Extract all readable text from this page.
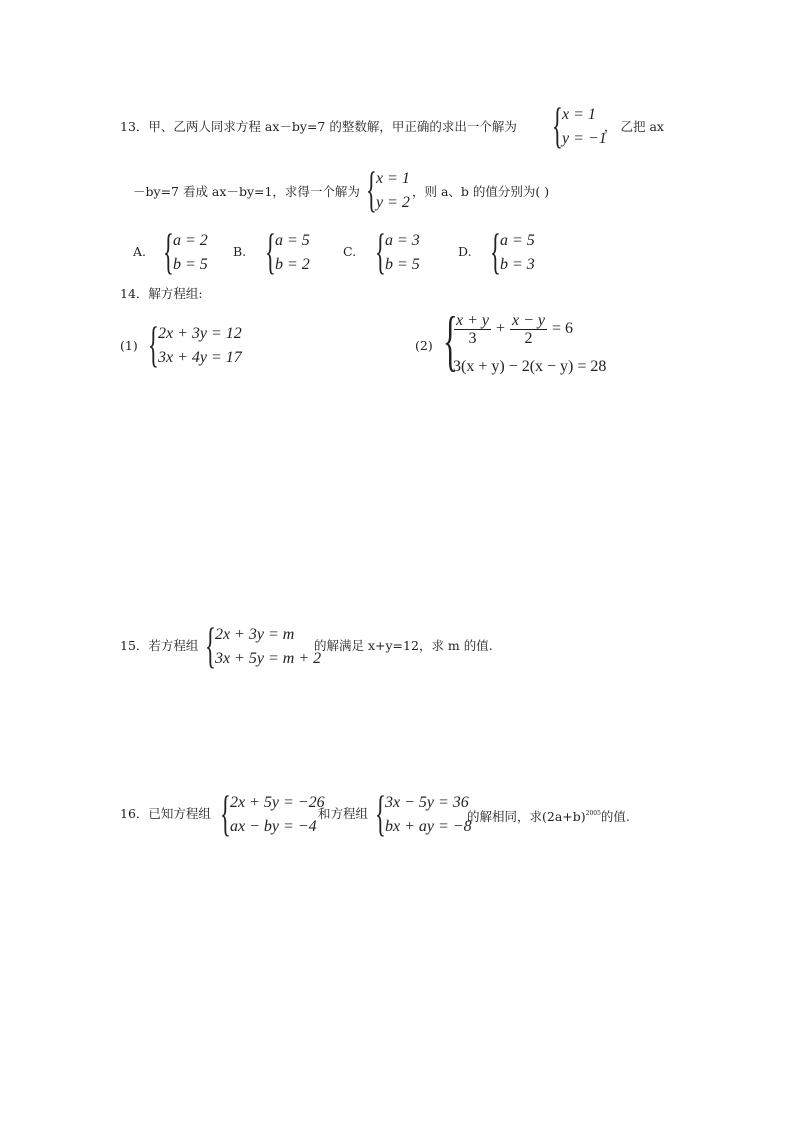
13．甲、乙两人同求方程 ax－by=7 的整数解，甲正确的求出一个解为 { x = 1
y = −1
， 乙把 ax
－by=7 看成 ax－by=1，求得一个解为 { x = 1
y = 2
，则 a、b 的值分别为( )
A. { a = 2
b = 5
B. { a = 5
b = 2
C. { a = 3
b = 5
D. { a = 5
b = 3
14．解方程组:
(1) { 2x + 3y = 12
3x + 4y = 17
(2) {
$\frac{x + y}{3} + \frac{x - y}{2} = 6$
3(x + y) − 2(x − y) = 28
15．若方程组 { 2x + 3y = m
3x + 5y = m + 2
的解满足 x+y=12，求 m 的值.
16．已知方程组 { 2x + 5y = −26
ax − by = −4
和方程组 { 3x − 5y = 36
bx + ay = −8
的解相同，求$(2a+b)^{2005}$的值.
